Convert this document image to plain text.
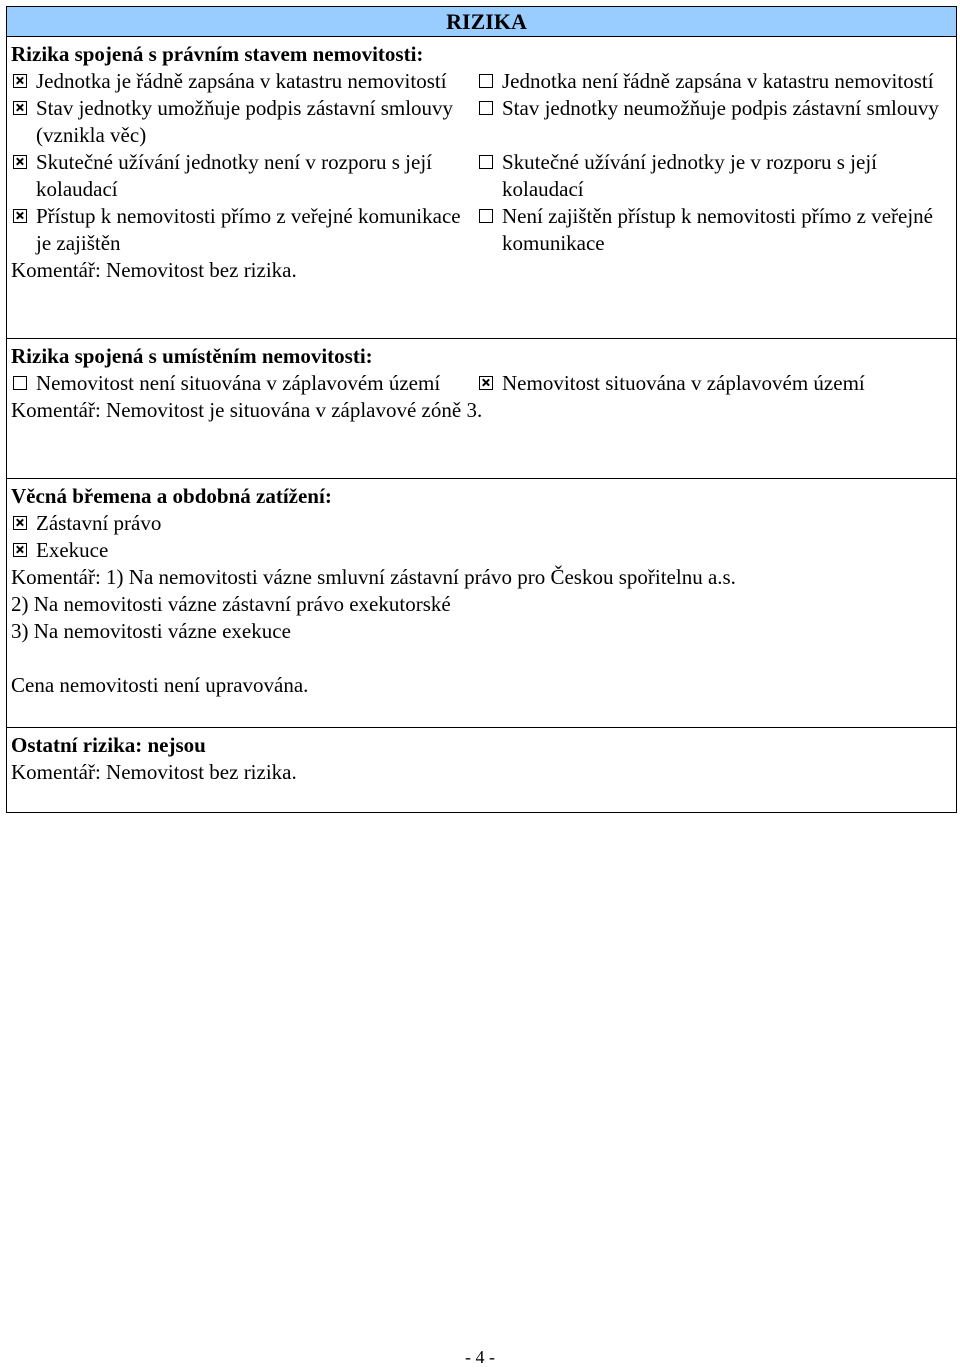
RIZIKA
Rizika spojená s právním stavem nemovitosti:
Jednotka je řádně zapsána v katastru nemovitostí	Jednotka není řádně zapsána v katastru nemovitostí
Stav jednotky umožňuje podpis zástavní smlouvy (vznikla věc)
Stav jednotky neumožňuje podpis zástavní smlouvy
Skutečné užívání jednotky není v rozporu s její kolaudací
Skutečné užívání jednotky je v rozporu s její kolaudací
Přístup k nemovitosti přímo z veřejné komunikace je zajištěn
Není zajištěn přístup k nemovitosti přímo z veřejné komunikace
Komentář: Nemovitost bez rizika.
Rizika spojená s umístěním nemovitosti:
Nemovitost není situována v záplavovém území	Nemovitost situována v záplavovém území
Komentář: Nemovitost je situována v záplavové zóně 3.
Věcná břemena a obdobná zatížení:
Zástavní právo
Exekuce
Komentář: 1) Na nemovitosti vázne smluvní zástavní právo pro Českou spořitelnu a.s.
2) Na nemovitosti vázne zástavní právo exekutorské
3) Na nemovitosti vázne exekuce
Cena nemovitosti není upravována.
Ostatní rizika: nejsou
Komentář: Nemovitost bez rizika.
- 4 -
